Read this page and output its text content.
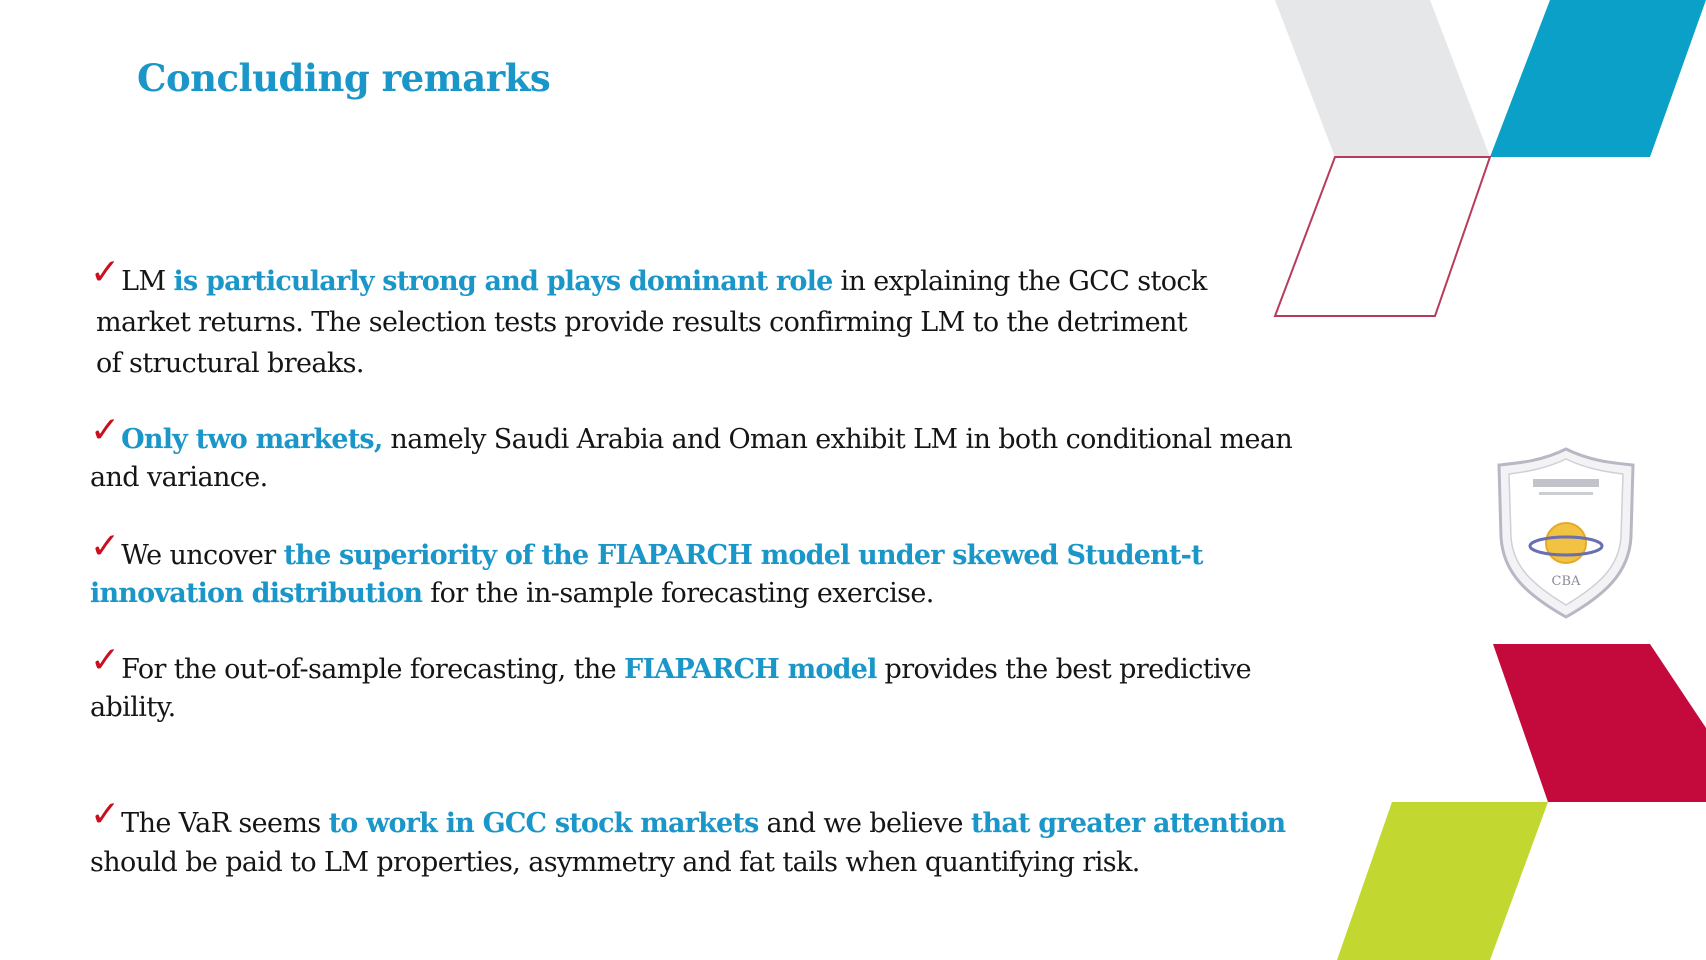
CBA
Concluding remarks

✓LM is particularly strong and plays dominant role in explaining the GCC stock

market returns. The selection tests provide results confirming LM to the detriment

of structural breaks.

✓Only two markets, namely Saudi Arabia and Oman exhibit LM in both conditional mean

and variance.

✓We uncover the superiority of the FIAPARCH model under skewed Student-t

innovation distribution for the in-sample forecasting exercise.

✓For the out-of-sample forecasting, the FIAPARCH model provides the best predictive

ability.

✓The VaR seems to work in GCC stock markets and we believe that greater attention

should be paid to LM properties, asymmetry and fat tails when quantifying risk.
